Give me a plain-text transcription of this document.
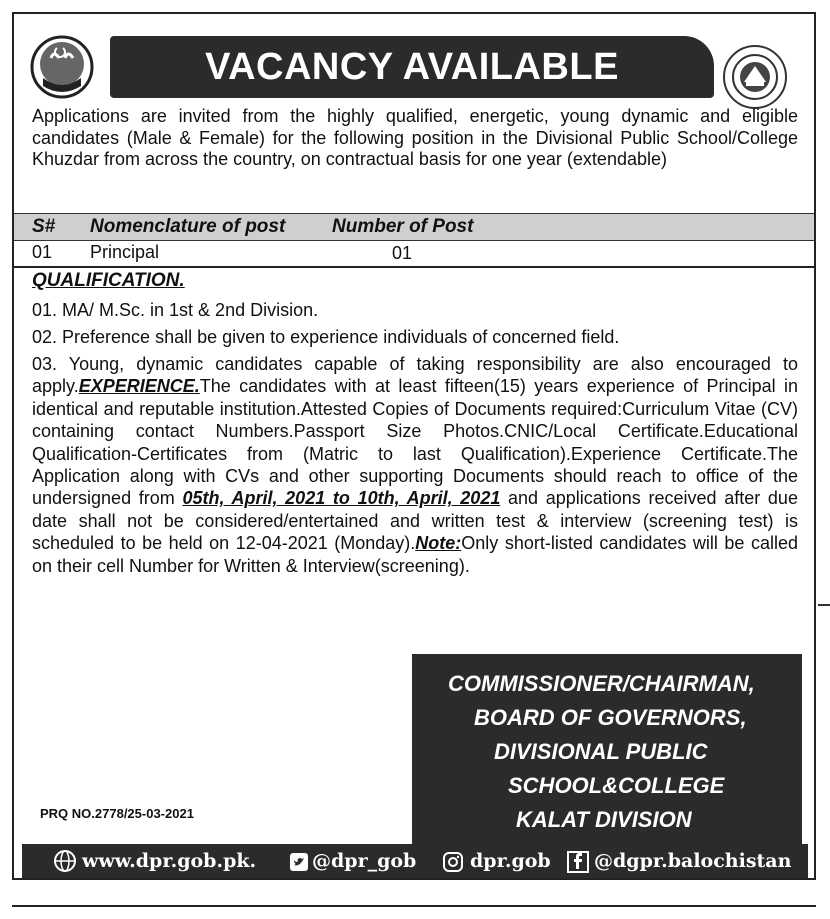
VACANCY AVAILABLE
Applications are invited from the highly qualified, energetic, young dynamic and eligible candidates (Male & Female) for the following position in the Divisional Public School/College Khuzdar from across the country, on contractual basis for one year (extendable)
S# Nomenclature of post Number of Post
01 Principal	01
QUALIFICATION.
01. MA/ M.Sc. in 1st & 2nd Division.
02. Preference shall be given to experience individuals of concerned field.
03. Young, dynamic candidates capable of taking responsibility are also encouraged to apply.EXPERIENCE.The candidates with at least fifteen(15) years experience of Principal in identical and reputable institution.Attested Copies of Documents required:Curriculum Vitae (CV) containing contact Numbers.Passport Size Photos.CNIC/Local Certificate.Educational Qualification-Certificates from (Matric to last Qualification).Experience Certificate.The Application along with CVs and other supporting Documents should reach to office of the undersigned from 05th, April, 2021 to 10th, April, 2021 and applications received after due date shall not be considered/entertained and written test & interview (screening test) is scheduled to be held on 12-04-2021 (Monday).Note:Only short-listed candidates will be called on their cell Number for Written & Interview(screening).
COMMISSIONER/CHAIRMAN,
BOARD OF GOVERNORS,
DIVISIONAL PUBLIC
SCHOOL&COLLEGE
KALAT DIVISION
PRQ NO.2778/25-03-2021
www.dpr.gob.pk.	@dpr_gob	dpr.gob @dgpr.balochistan
